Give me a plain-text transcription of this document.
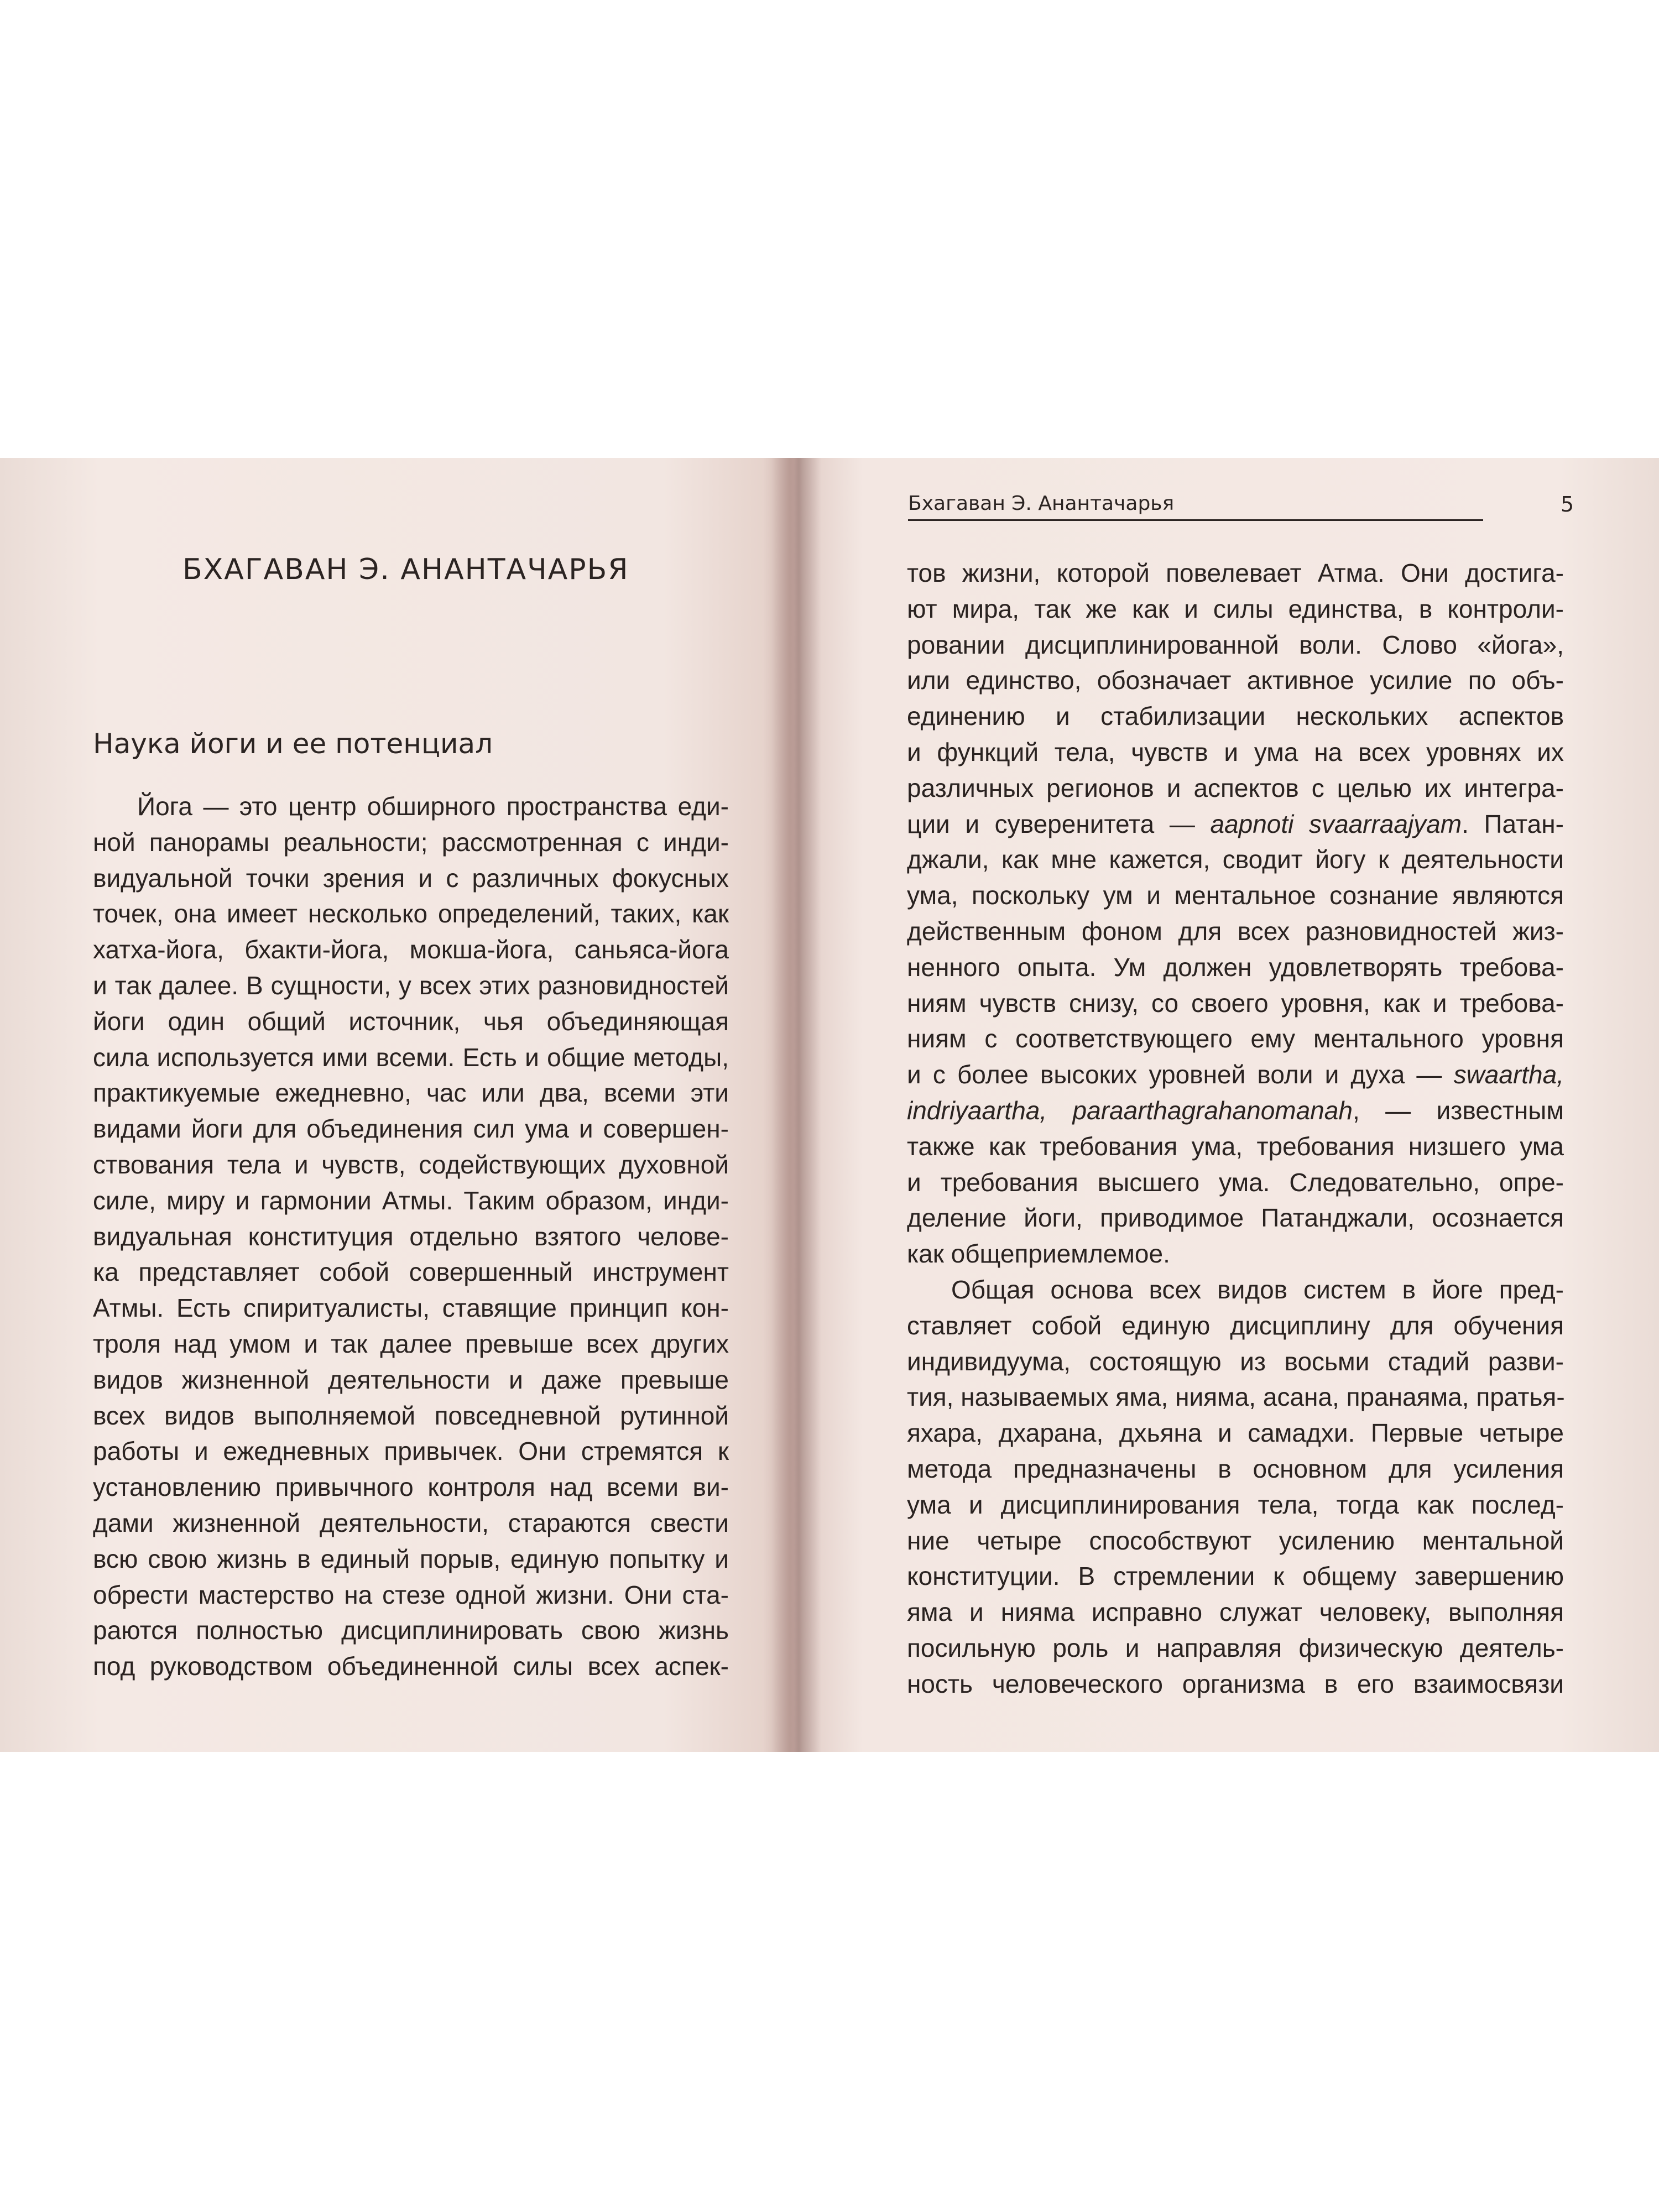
БХАГАВАН Э. АНАНТАЧАРЬЯ
Наука йоги и ее потенциал
Йога — это центр обширного пространства еди-
ной панорамы реальности; рассмотренная с инди-
видуальной точки зрения и с различных фокусных
точек, она имеет несколько определений, таких, как
хатха-йога, бхакти-йога, мокша-йога, саньяса-йога
и так далее. В сущности, у всех этих разновидностей
йоги один общий источник, чья объединяющая
сила используется ими всеми. Есть и общие методы,
практикуемые ежедневно, час или два, всеми эти
видами йоги для объединения сил ума и совершен-
ствования тела и чувств, содействующих духовной
силе, миру и гармонии Атмы. Таким образом, инди-
видуальная конституция отдельно взятого челове-
ка представляет собой совершенный инструмент
Атмы. Есть спиритуалисты, ставящие принцип кон-
троля над умом и так далее превыше всех других
видов жизненной деятельности и даже превыше
всех видов выполняемой повседневной рутинной
работы и ежедневных привычек. Они стремятся к
установлению привычного контроля над всеми ви-
дами жизненной деятельности, стараются свести
всю свою жизнь в единый порыв, единую попытку и
обрести мастерство на стезе одной жизни. Они ста-
раются полностью дисциплинировать свою жизнь
под руководством объединенной силы всех аспек-
Бхагаван Э. Анантачарья	5
тов жизни, которой повелевает Атма. Они достига-
ют мира, так же как и силы единства, в контроли-
ровании дисциплинированной воли. Слово «йога»,
или единство, обозначает активное усилие по объ-
единению и стабилизации нескольких аспектов
и функций тела, чувств и ума на всех уровнях их
различных регионов и аспектов с целью их интегра-
ции и суверенитета — aapnoti svaarraajyam. Патан-
джали, как мне кажется, сводит йогу к деятельности
ума, поскольку ум и ментальное сознание являются
действенным фоном для всех разновидностей жиз-
ненного опыта. Ум должен удовлетворять требова-
ниям чувств снизу, со своего уровня, как и требова-
ниям с соответствующего ему ментального уровня
и с более высоких уровней воли и духа — swaartha,
indriyaartha, paraarthagrahanomanah, — известным
также как требования ума, требования низшего ума
и требования высшего ума. Следовательно, опре-
деление йоги, приводимое Патанджали, осознается
как общеприемлемое.
Общая основа всех видов систем в йоге пред-
ставляет собой единую дисциплину для обучения
индивидуума, состоящую из восьми стадий разви-
тия, называемых яма, нияма, асана, пранаяма, пратья-
яхара, дхарана, дхьяна и самадхи. Первые четыре
метода предназначены в основном для усиления
ума и дисциплинирования тела, тогда как послед-
ние четыре способствуют усилению ментальной
конституции. В стремлении к общему завершению
яма и нияма исправно служат человеку, выполняя
посильную роль и направляя физическую деятель-
ность человеческого организма в его взаимосвязи
